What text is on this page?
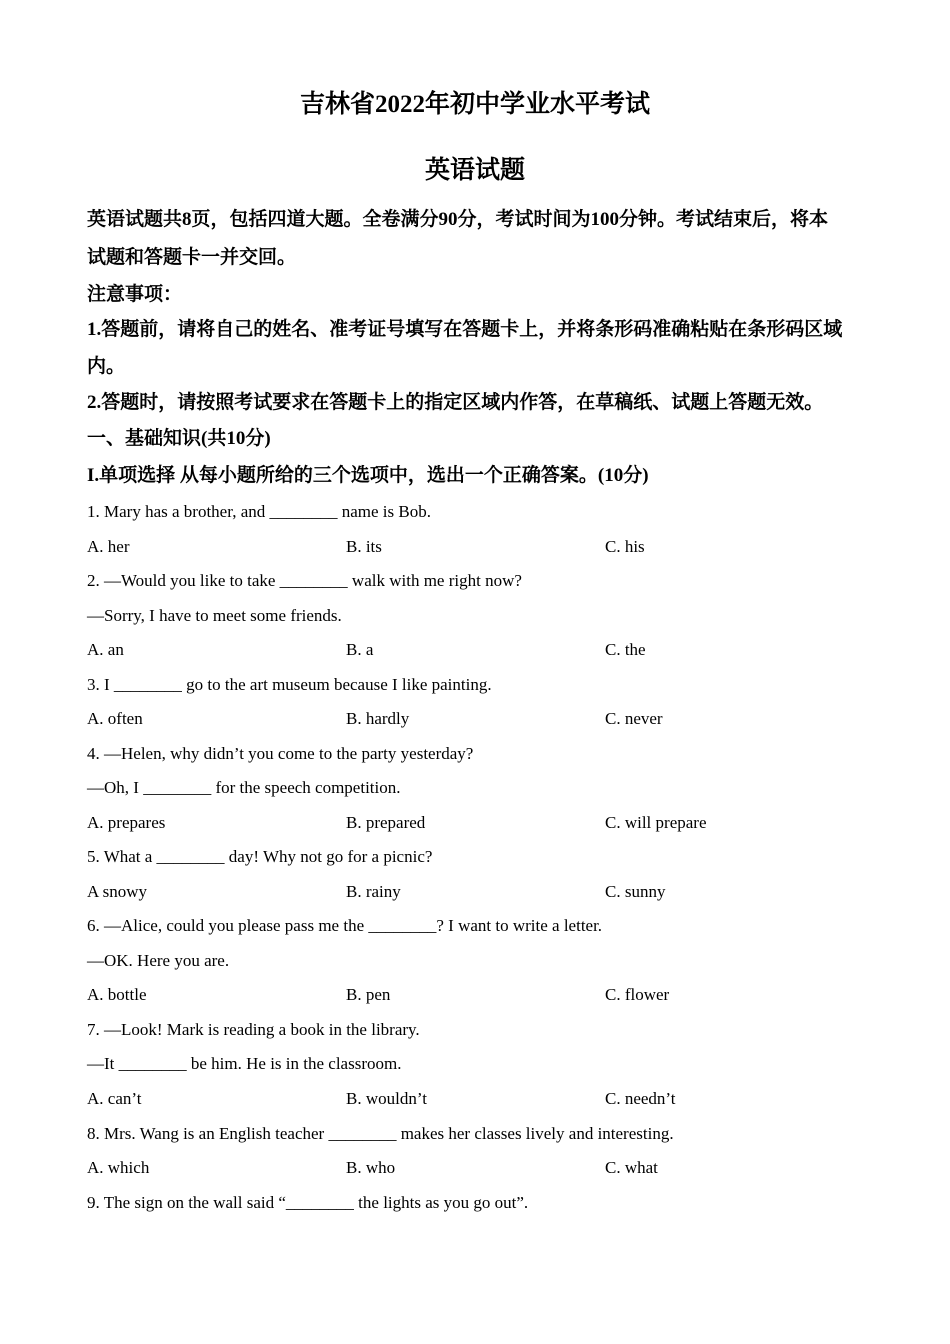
吉林省2022年初中学业水平考试
英语试题
英语试题共8页，包括四道大题。全卷满分90分，考试时间为100分钟。考试结束后，将本
试题和答题卡一并交回。
注意事项：
1.答题前，请将自己的姓名、准考证号填写在答题卡上，并将条形码准确粘贴在条形码区域
内。
2.答题时，请按照考试要求在答题卡上的指定区域内作答，在草稿纸、试题上答题无效。
一、基础知识(共10分)
I.单项选择 从每小题所给的三个选项中，选出一个正确答案。(10分)
1. Mary has a brother, and ________ name is Bob.
A. her	B. its	C. his
2. —Would you like to take ________ walk with me right now?
—Sorry, I have to meet some friends.
A. an	B. a	C. the
3. I ________ go to the art museum because I like painting.
A. often	B. hardly	C. never
4. —Helen, why didn’t you come to the party yesterday?
—Oh, I ________ for the speech competition.
A. prepares	B. prepared	C. will prepare
5. What a ________ day! Why not go for a picnic?
A snowy	B. rainy	C. sunny
6. —Alice, could you please pass me the ________? I want to write a letter.
—OK. Here you are.
A. bottle	B. pen	C. flower
7. —Look! Mark is reading a book in the library.
—It ________ be him. He is in the classroom.
A. can’t	B. wouldn’t	C. needn’t
8. Mrs. Wang is an English teacher ________ makes her classes lively and interesting.
A. which	B. who	C. what
9. The sign on the wall said “________ the lights as you go out”.
